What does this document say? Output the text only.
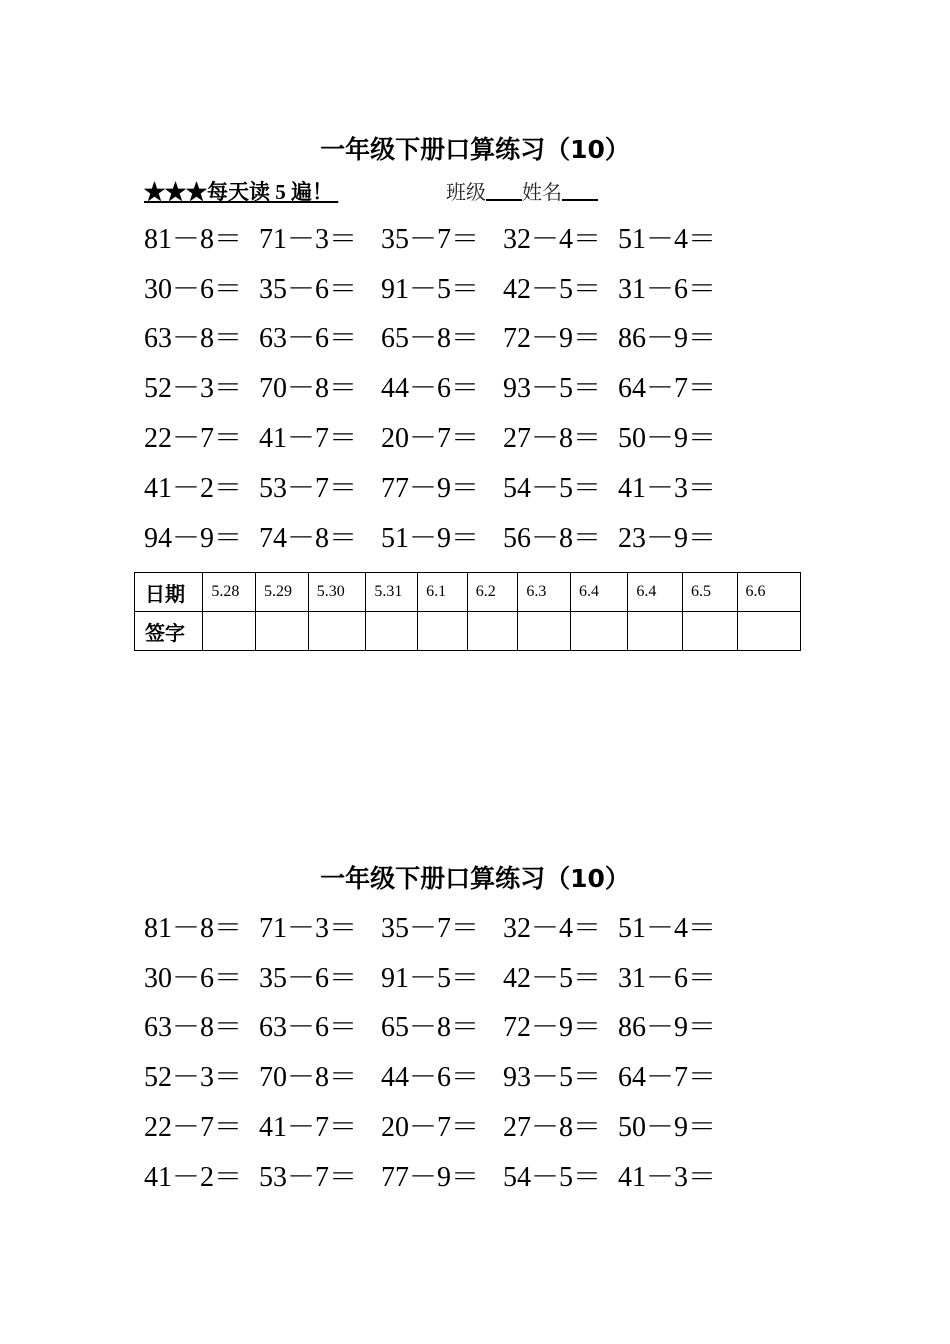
一年级下册口算练习（10）
★★★每天读 5 遍！	班级 姓名
81－8＝ 71－3＝ 35－7＝ 32－4＝ 51－4＝
30－6＝ 35－6＝ 91－5＝ 42－5＝ 31－6＝
63－8＝ 63－6＝ 65－8＝ 72－9＝ 86－9＝
52－3＝ 70－8＝ 44－6＝ 93－5＝ 64－7＝
22－7＝ 41－7＝ 20－7＝ 27－8＝ 50－9＝
41－2＝ 53－7＝ 77－9＝ 54－5＝ 41－3＝
94－9＝ 74－8＝ 51－9＝ 56－8＝ 23－9＝
日期	5.28	5.29	5.30	5.31	6.1	6.2	6.3	6.4	6.4	6.5	6.6
签字											
一年级下册口算练习（10）
81－8＝ 71－3＝ 35－7＝ 32－4＝ 51－4＝
30－6＝ 35－6＝ 91－5＝ 42－5＝ 31－6＝
63－8＝ 63－6＝ 65－8＝ 72－9＝ 86－9＝
52－3＝ 70－8＝ 44－6＝ 93－5＝ 64－7＝
22－7＝ 41－7＝ 20－7＝ 27－8＝ 50－9＝
41－2＝ 53－7＝ 77－9＝ 54－5＝ 41－3＝
